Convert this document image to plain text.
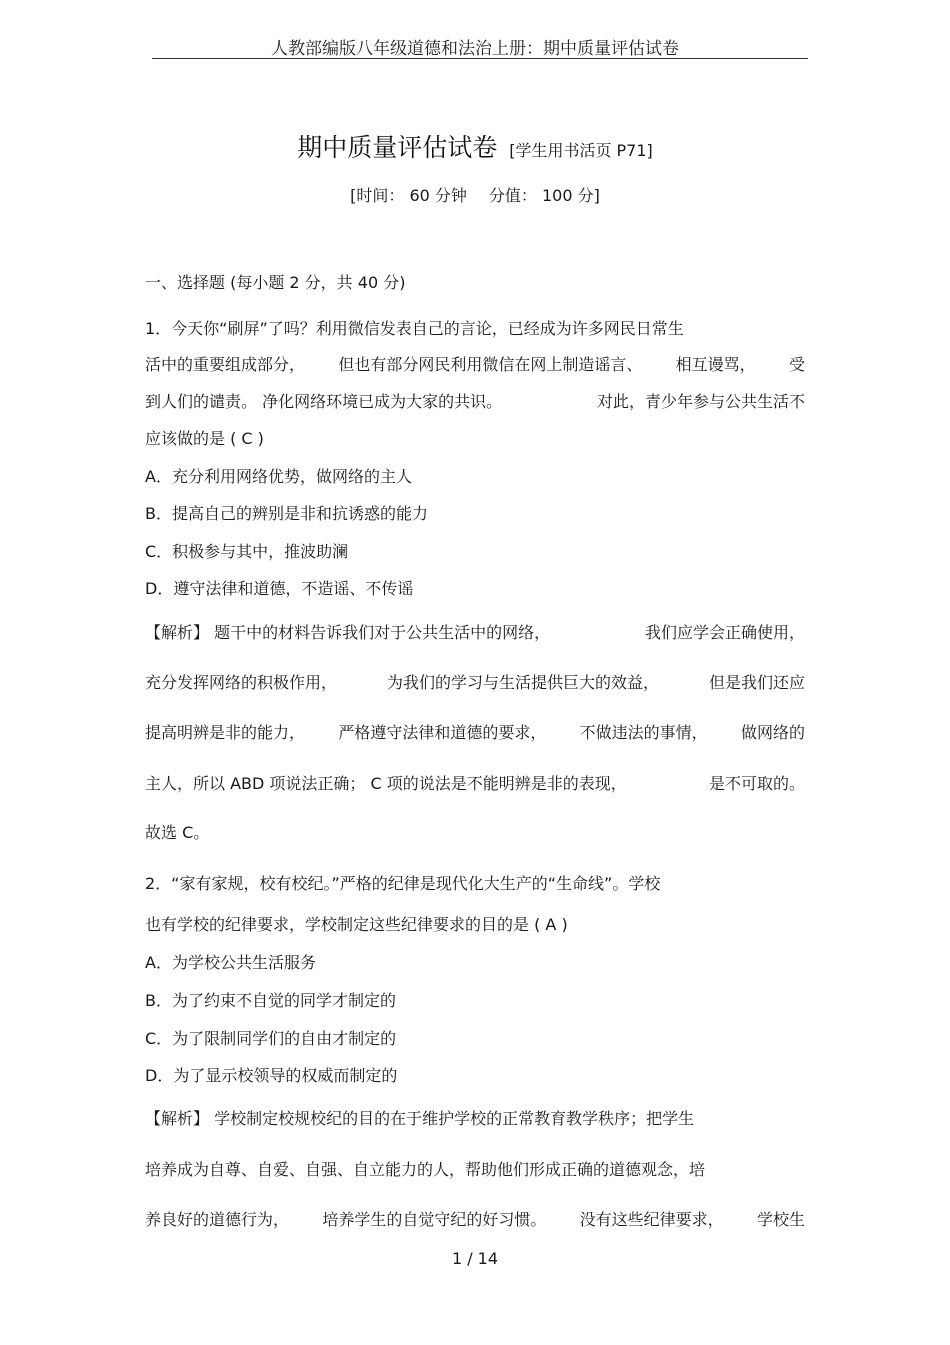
人教部编版八年级道德和法治上册：期中质量评估试卷
期中质量评估试卷 [学生用书活页 P71]
[时间： 60 分钟 分值： 100 分]
一、选择题 (每小题 2 分，共 40 分)
1．今天你“刷屏”了吗？利用微信发表自己的言论，已经成为许多网民日常生
活中的重要组成部分， 但也有部分网民利用微信在网上制造谣言、 相互谩骂， 受
到人们的谴责。 净化网络环境已成为大家的共识。	对此，青少年参与公共生活不
应该做的是 ( C )
A．充分利用网络优势，做网络的主人
B．提高自己的辨别是非和抗诱惑的能力
C．积极参与其中，推波助澜
D．遵守法律和道德，不造谣、不传谣
【解析】 题干中的材料告诉我们对于公共生活中的网络，	我们应学会正确使用，
充分发挥网络的积极作用，	为我们的学习与生活提供巨大的效益，	但是我们还应
提高明辨是非的能力， 严格遵守法律和道德的要求， 不做违法的事情， 做网络的
主人，所以 ABD 项说法正确； C 项的说法是不能明辨是非的表现，	是不可取的。
故选 C。
2．“家有家规，校有校纪。”严格的纪律是现代化大生产的“生命线”。学校
也有学校的纪律要求，学校制定这些纪律要求的目的是 ( A )
A．为学校公共生活服务
B．为了约束不自觉的同学才制定的
C．为了限制同学们的自由才制定的
D．为了显示校领导的权威而制定的
【解析】 学校制定校规校纪的目的在于维护学校的正常教育教学秩序；把学生
培养成为自尊、自爱、自强、自立能力的人，帮助他们形成正确的道德观念，培
养良好的道德行为， 培养学生的自觉守纪的好习惯。 没有这些纪律要求， 学校生
1 / 14
